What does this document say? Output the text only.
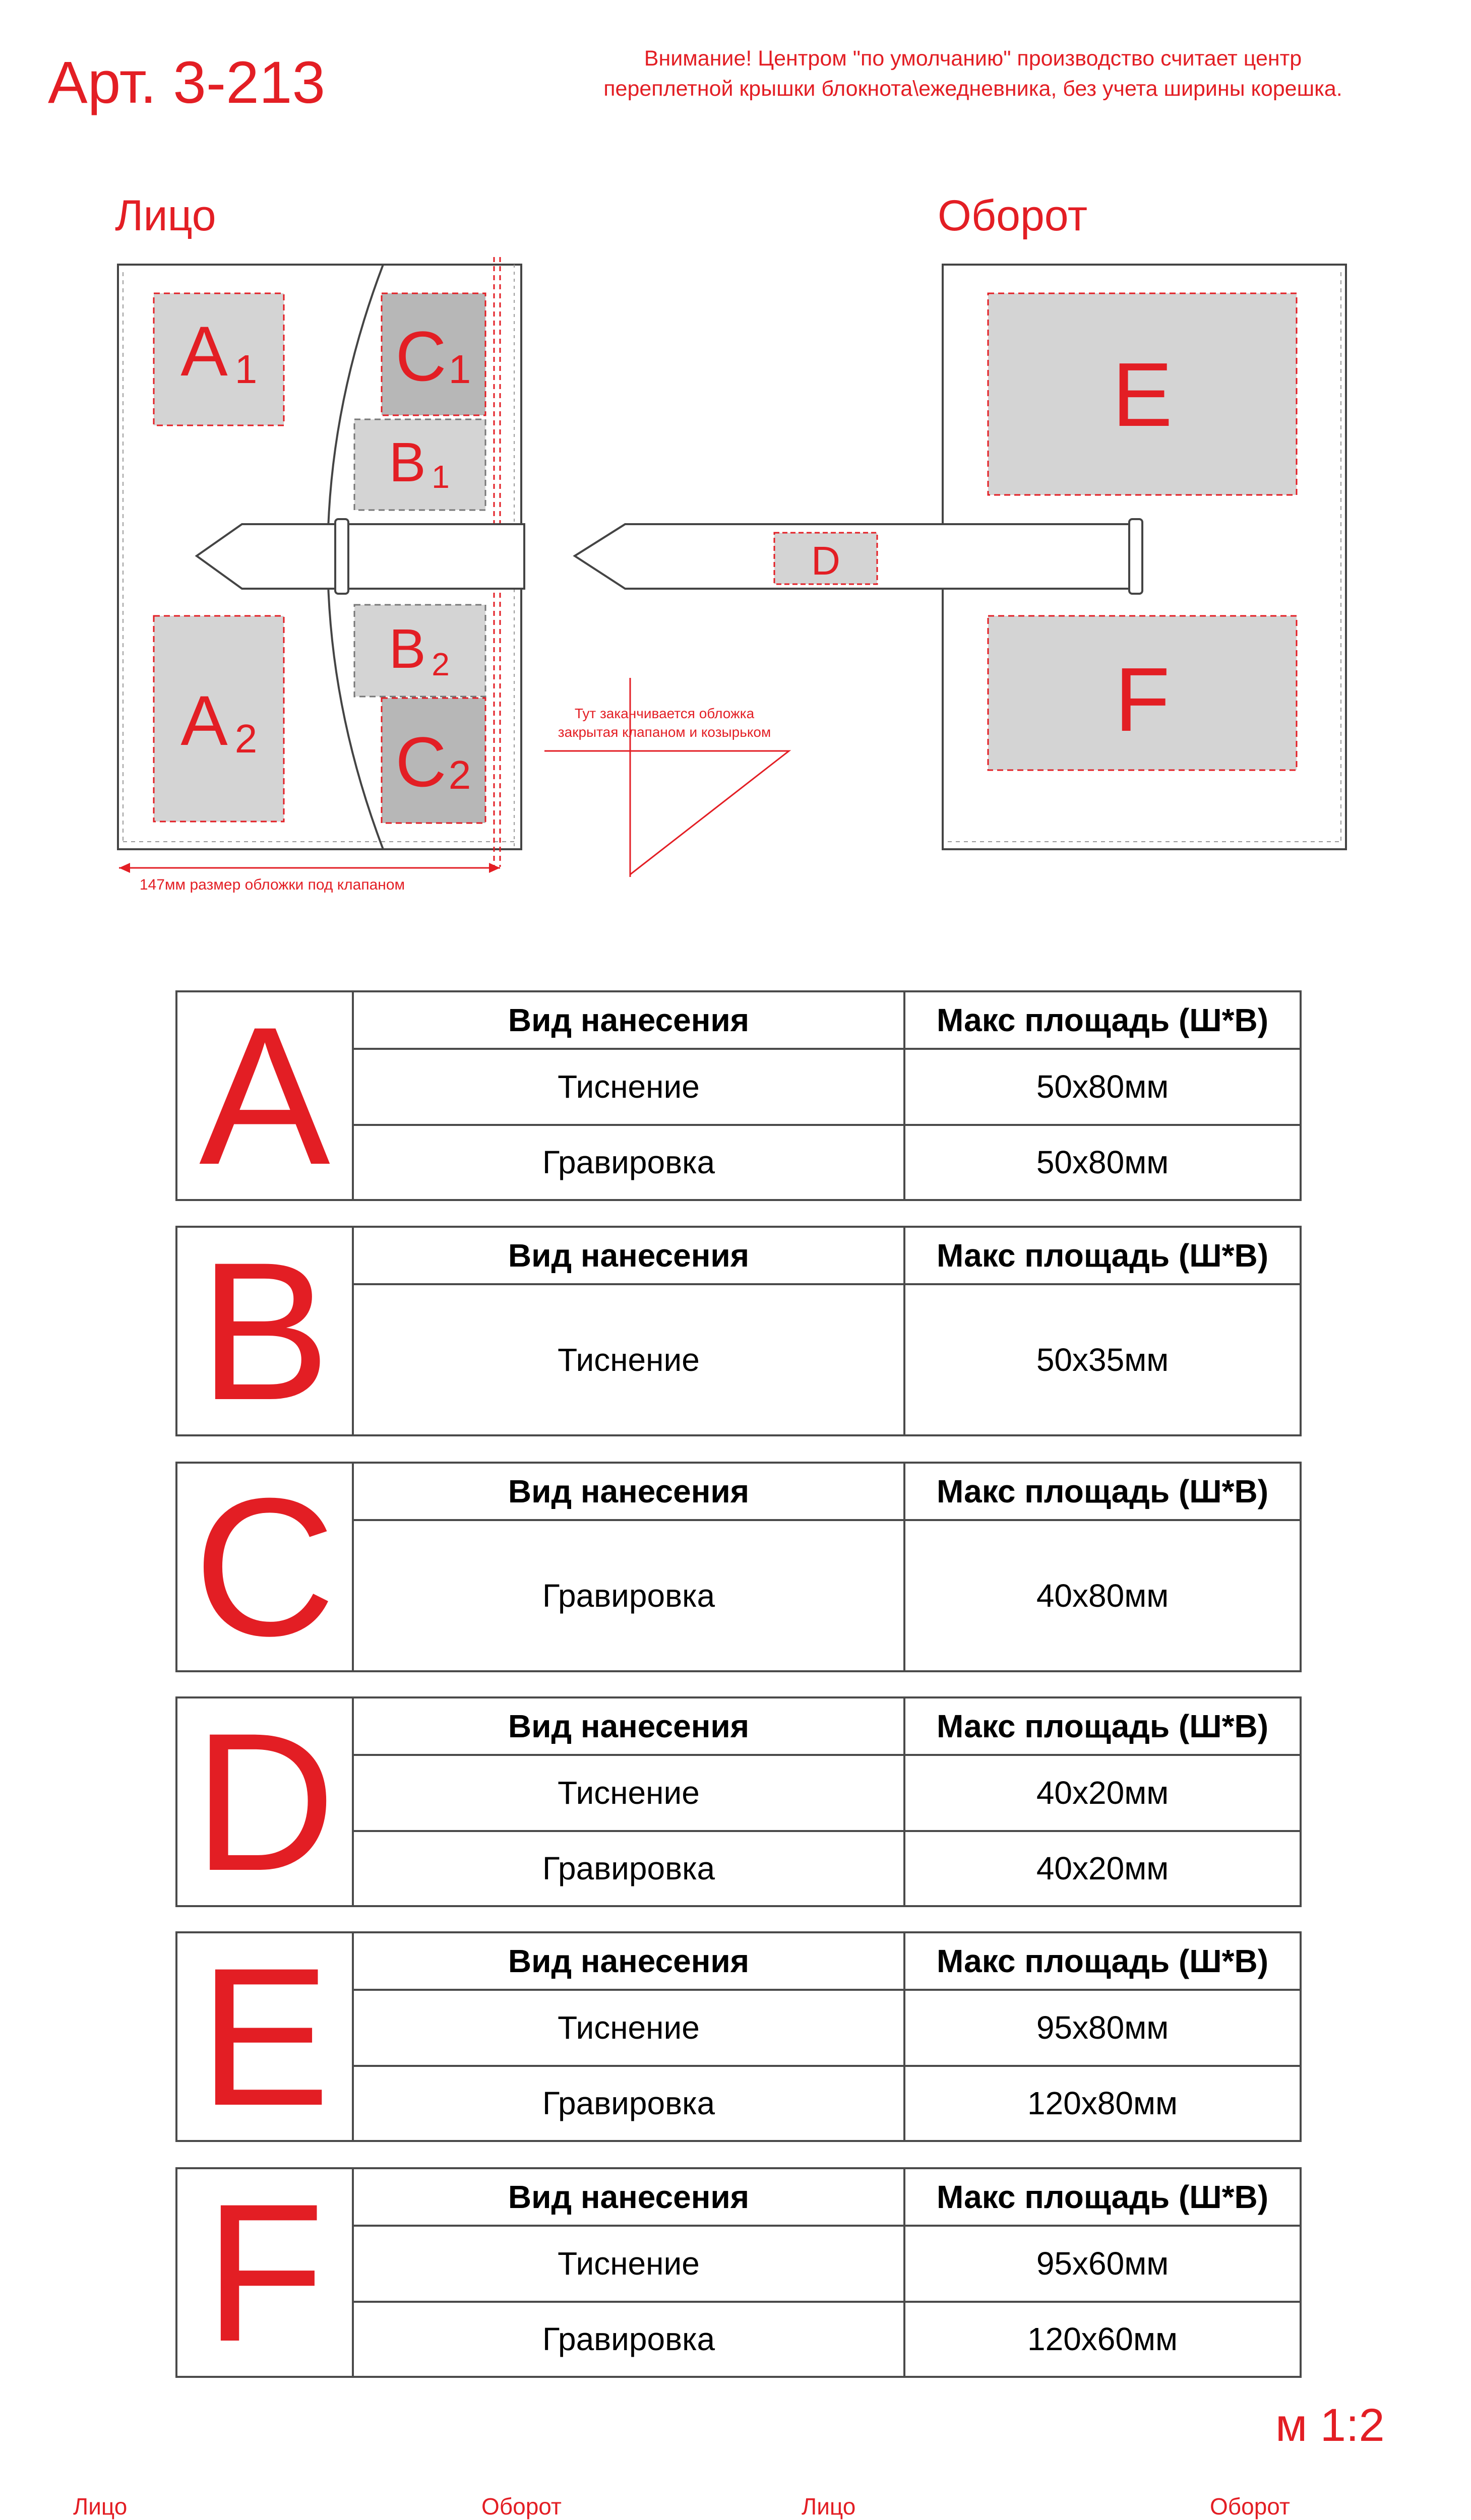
Арт. 3-213	Внимание! Центром "по умолчанию" производство считает центр
переплетной крышки блокнота\ежедневника, без учета ширины корешка.
Лицо	Оборот
A 1
A 2
C 1
B 1
B 2
C 2
E
F
D
Тут заканчивается обложка
закрытая клапаном и козырьком
147мм размер обложки под клапаном
A	Вид нанесения	Макс площадь (Ш*В)
Тиснение	50x80мм
Гравировка	50x80мм
B	Вид нанесения	Макс площадь (Ш*В)
Тиснение	50x35мм
C	Вид нанесения	Макс площадь (Ш*В)
Гравировка	40x80мм
D	Вид нанесения	Макс площадь (Ш*В)
Тиснение	40x20мм
Гравировка	40x20мм
E	Вид нанесения	Макс площадь (Ш*В)
Тиснение	95x80мм
Гравировка	120x80мм
F	Вид нанесения	Макс площадь (Ш*В)
Тиснение	95x60мм
Гравировка	120x60мм
м 1:2
Лицо	Оборот	Лицо	Оборот
